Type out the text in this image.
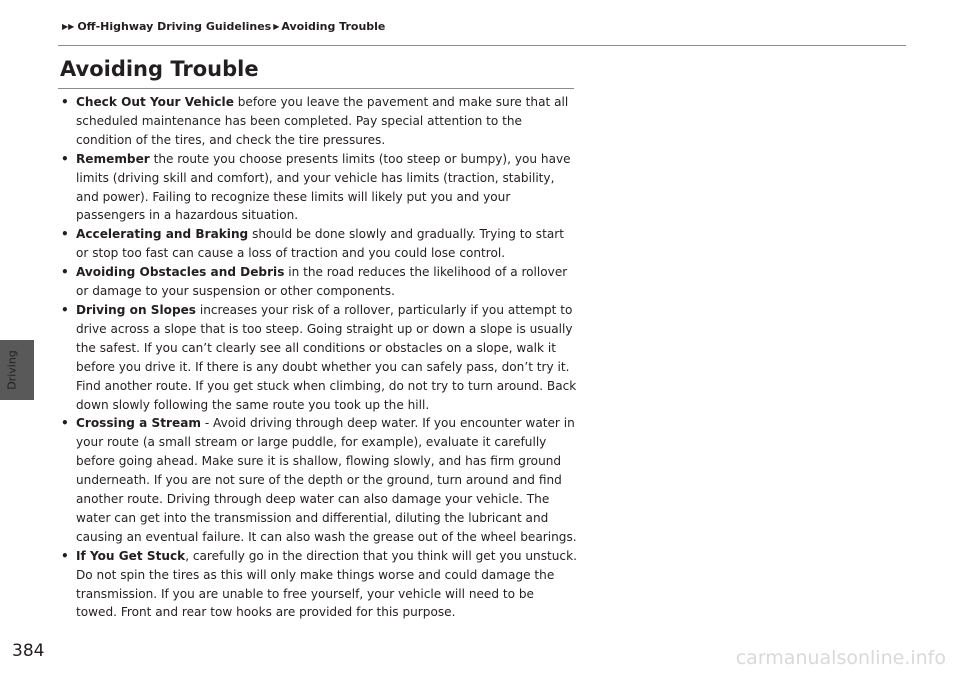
▶▶ Off-Highway Driving Guidelines ▶ Avoiding Trouble
Driving
Avoiding Trouble
• Check Out Your Vehicle before you leave the pavement and make sure that all scheduled maintenance has been completed. Pay special attention to the condition of the tires, and check the tire pressures.
• Remember the route you choose presents limits (too steep or bumpy), you have limits (driving skill and comfort), and your vehicle has limits (traction, stability, and power). Failing to recognize these limits will likely put you and your passengers in a hazardous situation.
• Accelerating and Braking should be done slowly and gradually. Trying to start or stop too fast can cause a loss of traction and you could lose control.
• Avoiding Obstacles and Debris in the road reduces the likelihood of a rollover or damage to your suspension or other components.
• Driving on Slopes increases your risk of a rollover, particularly if you attempt to drive across a slope that is too steep. Going straight up or down a slope is usually the safest. If you can’t clearly see all conditions or obstacles on a slope, walk it before you drive it. If there is any doubt whether you can safely pass, don’t try it. Find another route. If you get stuck when climbing, do not try to turn around. Back down slowly following the same route you took up the hill.
• Crossing a Stream - Avoid driving through deep water. If you encounter water in your route (a small stream or large puddle, for example), evaluate it carefully before going ahead. Make sure it is shallow, flowing slowly, and has firm ground underneath. If you are not sure of the depth or the ground, turn around and find another route. Driving through deep water can also damage your vehicle. The water can get into the transmission and differential, diluting the lubricant and causing an eventual failure. It can also wash the grease out of the wheel bearings.
• If You Get Stuck, carefully go in the direction that you think will get you unstuck. Do not spin the tires as this will only make things worse and could damage the transmission. If you are unable to free yourself, your vehicle will need to be towed. Front and rear tow hooks are provided for this purpose.
384	carmanualsonline.info
